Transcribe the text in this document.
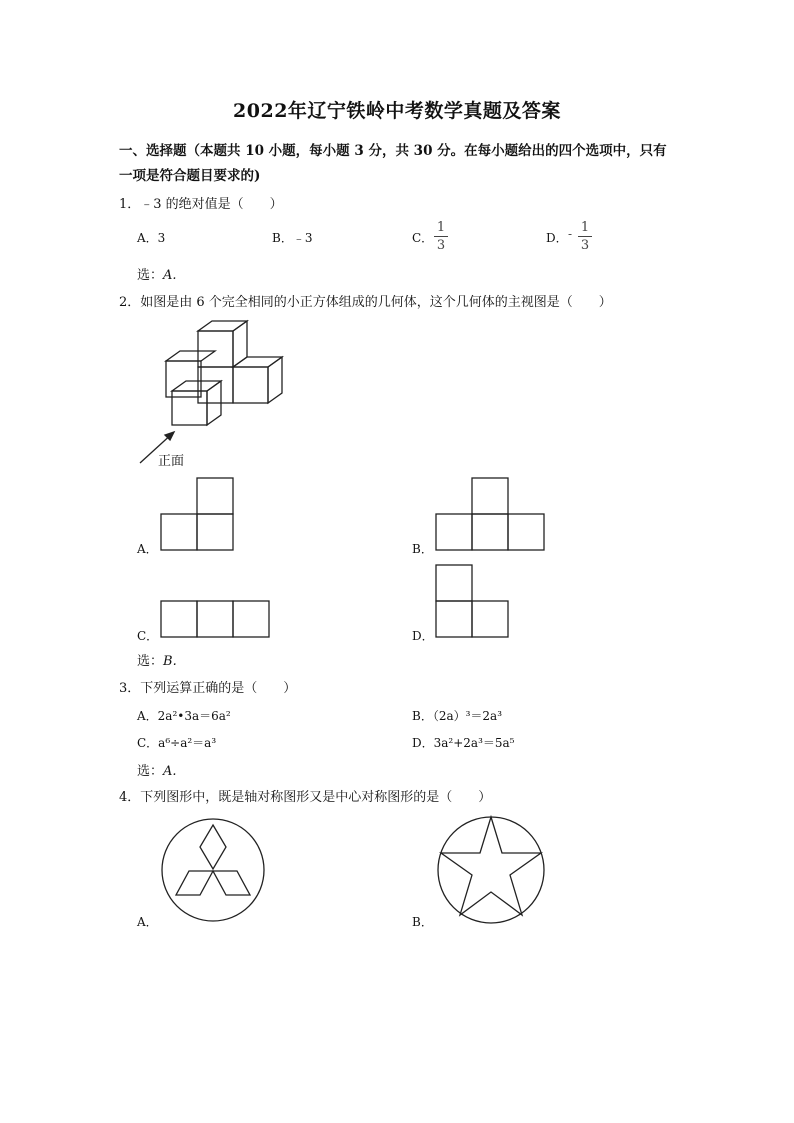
2022年辽宁铁岭中考数学真题及答案
一、选择题（本题共 10 小题，每小题 3 分，共 30 分。在每小题给出的四个选项中，只有
一项是符合题目要求的)
1．﹣3 的绝对值是（　　）
A．3	B．﹣3	C．
1
3	D． - 1
3
选：A.
2．如图是由 6 个完全相同的小正方体组成的几何体，这个几何体的主视图是（　　）
正面
A．	B．
C．	D．
选：B.
3．下列运算正确的是（　　）
A．2a²•3a＝6a²	B．（2a）³＝2a³
C．a⁶÷a²＝a³	D．3a²+2a³＝5a⁵
选：A.
4．下列图形中，既是轴对称图形又是中心对称图形的是（　　）
A．	B．
